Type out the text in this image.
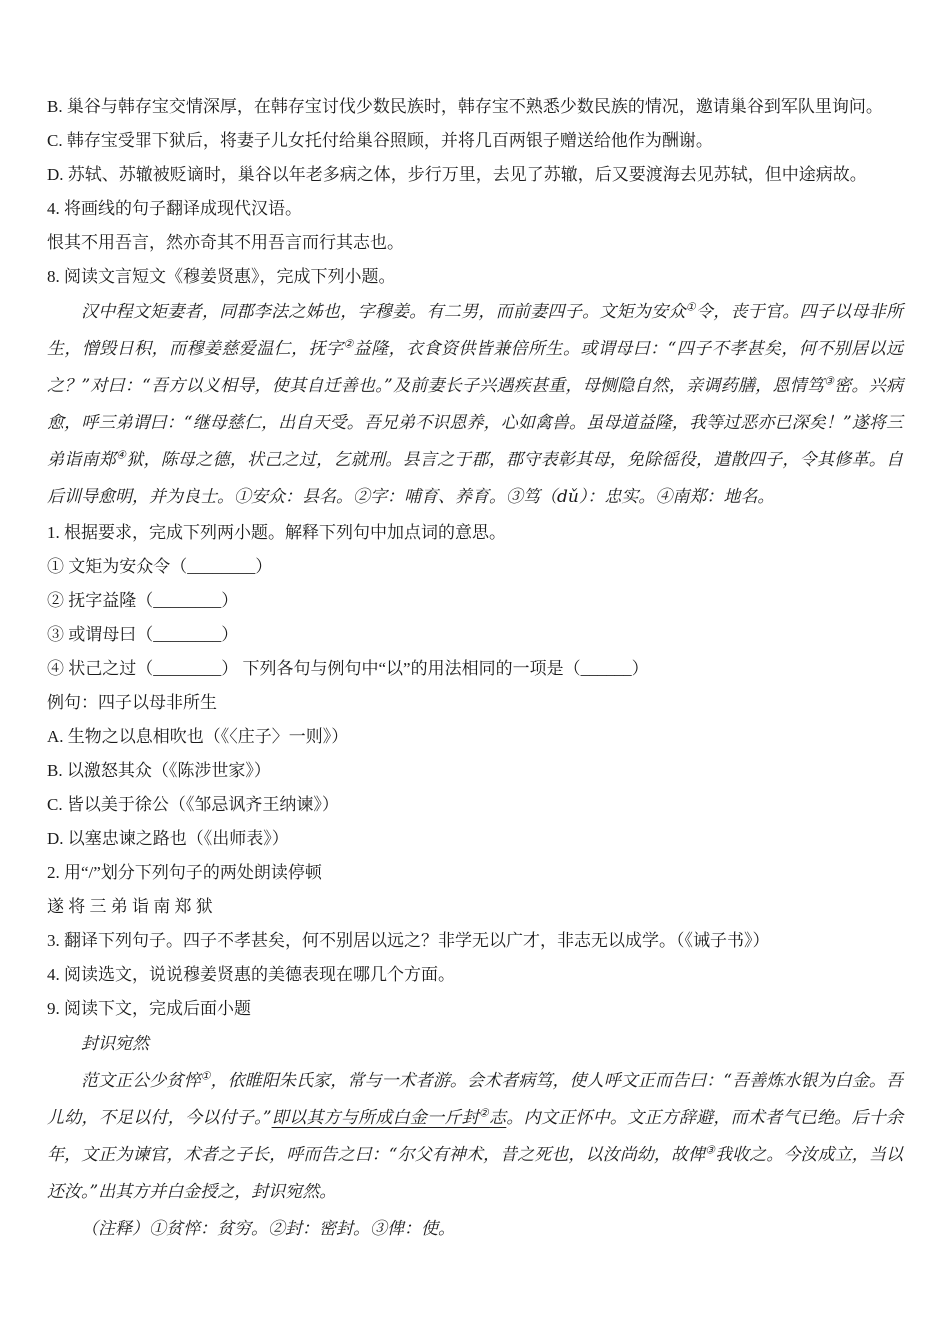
B. 巢谷与韩存宝交情深厚，在韩存宝讨伐少数民族时，韩存宝不熟悉少数民族的情况，邀请巢谷到军队里询问。

C. 韩存宝受罪下狱后，将妻子儿女托付给巢谷照顾，并将几百两银子赠送给他作为酬谢。

D. 苏轼、苏辙被贬谪时，巢谷以年老多病之体，步行万里，去见了苏辙，后又要渡海去见苏轼，但中途病故。

4. 将画线的句子翻译成现代汉语。

恨其不用吾言，然亦奇其不用吾言而行其志也。

8. 阅读文言短文《穆姜贤惠》，完成下列小题。

汉中程文矩妻者，同郡李法之姊也，字穆姜。有二男，而前妻四子。文矩为安众①令，丧于官。四子以母非所生，憎毁日积，而穆姜慈爱温仁，抚字②益隆，衣食资供皆兼倍所生。或谓母曰：“四子不孝甚矣，何不别居以远之？”对曰：“吾方以义相导，使其自迁善也。”及前妻长子兴遇疾甚重，母恻隐自然，亲调药膳，恩情笃③密。兴病愈，呼三弟谓曰：“继母慈仁，出自天受。吾兄弟不识恩养，心如禽兽。虽母道益隆，我等过恶亦已深矣！”遂将三弟诣南郑④狱，陈母之德，状己之过，乞就刑。县言之于郡，郡守表彰其母，免除徭役，遣散四子，令其修革。自后训导愈明，并为良士。①安众：县名。②字：哺育、养育。③笃（dǔ）：忠实。④南郑：地名。

1. 根据要求，完成下列两小题。解释下列句中加点词的意思。

① 文矩为安众令（________）

② 抚字益隆（________）

③ 或谓母曰（________）

④ 状己之过（________） 下列各句与例句中“以”的用法相同的一项是（______）

例句：四子以母非所生

A. 生物之以息相吹也（《〈庄子〉一则》）

B. 以激怒其众（《陈涉世家》）

C. 皆以美于徐公（《邹忌讽齐王纳谏》）

D. 以塞忠谏之路也（《出师表》）

2. 用“/”划分下列句子的两处朗读停顿

遂 将 三 弟 诣 南 郑 狱

3. 翻译下列句子。四子不孝甚矣，何不别居以远之？非学无以广才，非志无以成学。（《诫子书》）

4. 阅读选文，说说穆姜贤惠的美德表现在哪几个方面。

9. 阅读下文，完成后面小题

封识宛然

范文正公少贫悴①，依睢阳朱氏家，常与一术者游。会术者病笃，使人呼文正而告曰：“吾善炼水银为白金。吾儿幼，不足以付，今以付子。”即以其方与所成白金一斤封②志。内文正怀中。文正方辞避，而术者气已绝。后十余年，文正为谏官，术者之子长，呼而告之曰：“尔父有神术，昔之死也，以汝尚幼，故俾③我收之。今汝成立，当以还汝。”出其方并白金授之，封识宛然。

（注释）①贫悴：贫穷。②封：密封。③俾：使。
